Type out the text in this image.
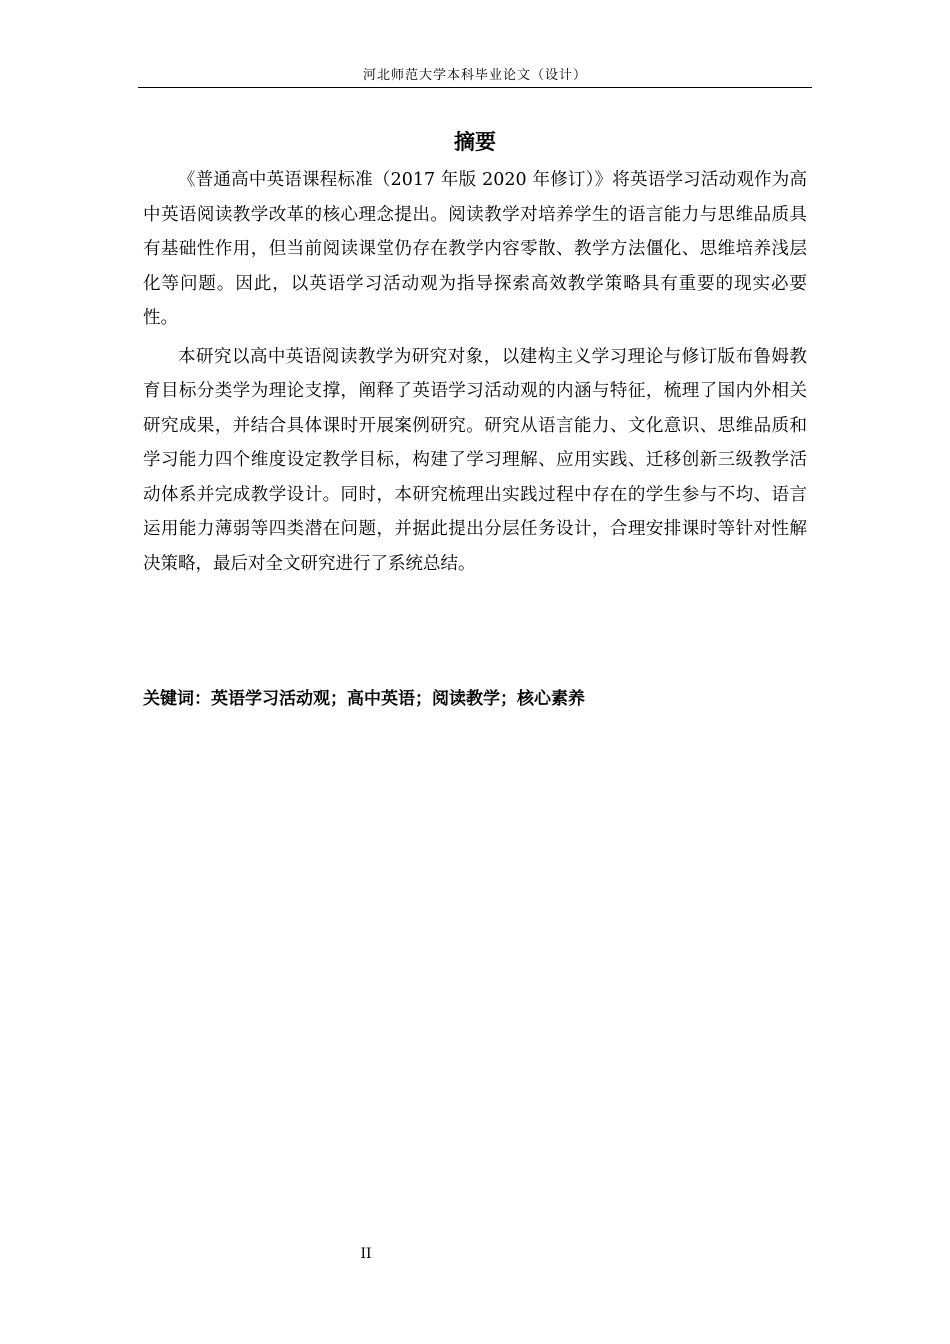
河北师范大学本科毕业论文（设计）
摘要

《普通高中英语课程标准（2017 年版 2020 年修订）》将英语学习活动观作为高中英语阅读教学改革的核心理念提出。阅读教学对培养学生的语言能力与思维品质具有基础性作用，但当前阅读课堂仍存在教学内容零散、教学方法僵化、思维培养浅层化等问题。因此，以英语学习活动观为指导探索高效教学策略具有重要的现实必要性。

本研究以高中英语阅读教学为研究对象，以建构主义学习理论与修订版布鲁姆教育目标分类学为理论支撑，阐释了英语学习活动观的内涵与特征，梳理了国内外相关研究成果，并结合具体课时开展案例研究。研究从语言能力、文化意识、思维品质和学习能力四个维度设定教学目标，构建了学习理解、应用实践、迁移创新三级教学活动体系并完成教学设计。同时，本研究梳理出实践过程中存在的学生参与不均、语言运用能力薄弱等四类潜在问题，并据此提出分层任务设计，合理安排课时等针对性解决策略，最后对全文研究进行了系统总结。

关键词：英语学习活动观；高中英语；阅读教学；核心素养
II
